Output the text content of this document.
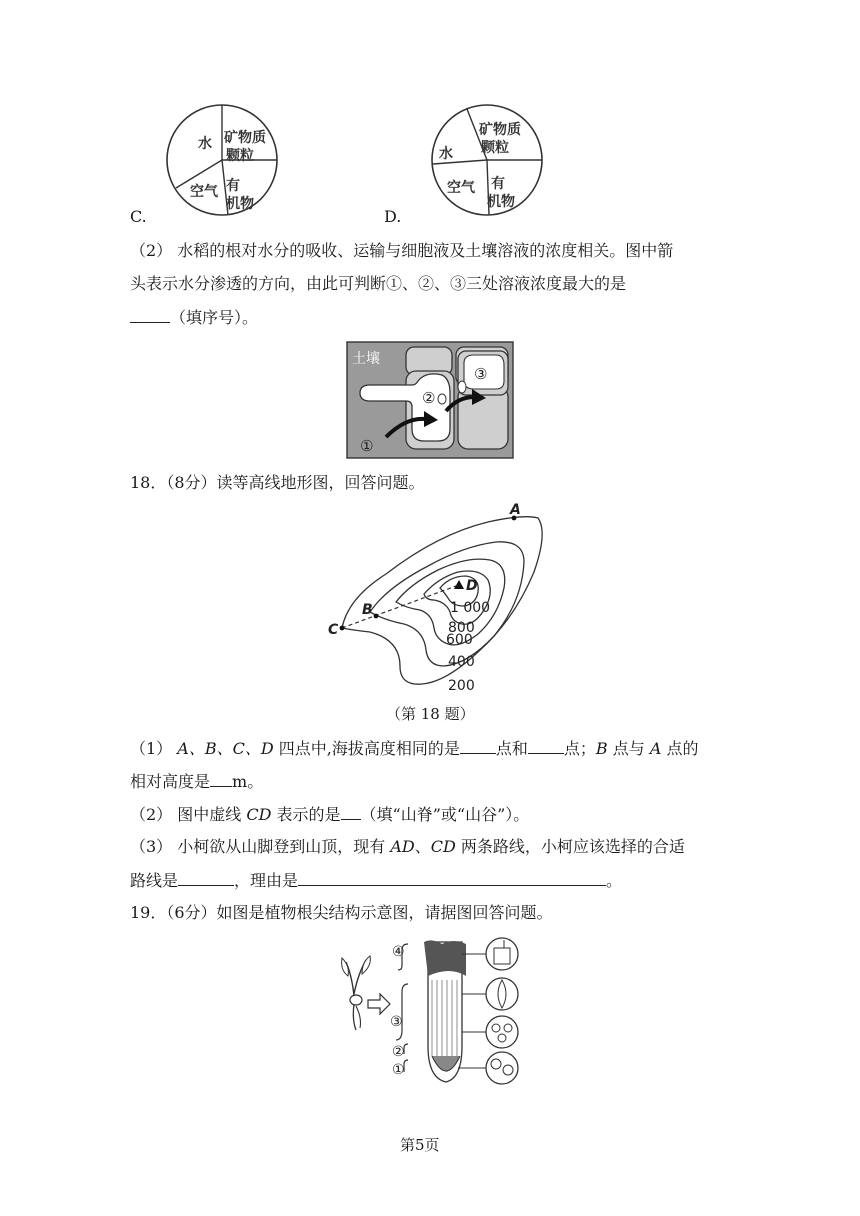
水 矿物质
颗粒
空气 有
机物
C.
水
矿物质
颗粒
空气 有
机物
D.
（2） 水稻的根对水分的吸收、运输与细胞液及土壤溶液的浓度相关。图中箭
头表示水分渗透的方向，由此可判断①、②、③三处溶液浓度最大的是
（填序号）。
土壤
①
②
③
18．（8分）读等高线地形图，回答问题。
A
B
C
D
1 000
800
600
400
200
（第 18 题）
（1） A、B、C、D 四点中,海拔高度相同的是 点和 点；B 点与 A 点的
相对高度是 m。
（2） 图中虚线 CD 表示的是 （填“山脊”或“山谷”）。
（3） 小柯欲从山脚登到山顶，现有 AD、CD 两条路线，小柯应该选择的合适
路线是	，理由是	。
19．（6分）如图是植物根尖结构示意图，请据图回答问题。
④
③
②
①
第5页
